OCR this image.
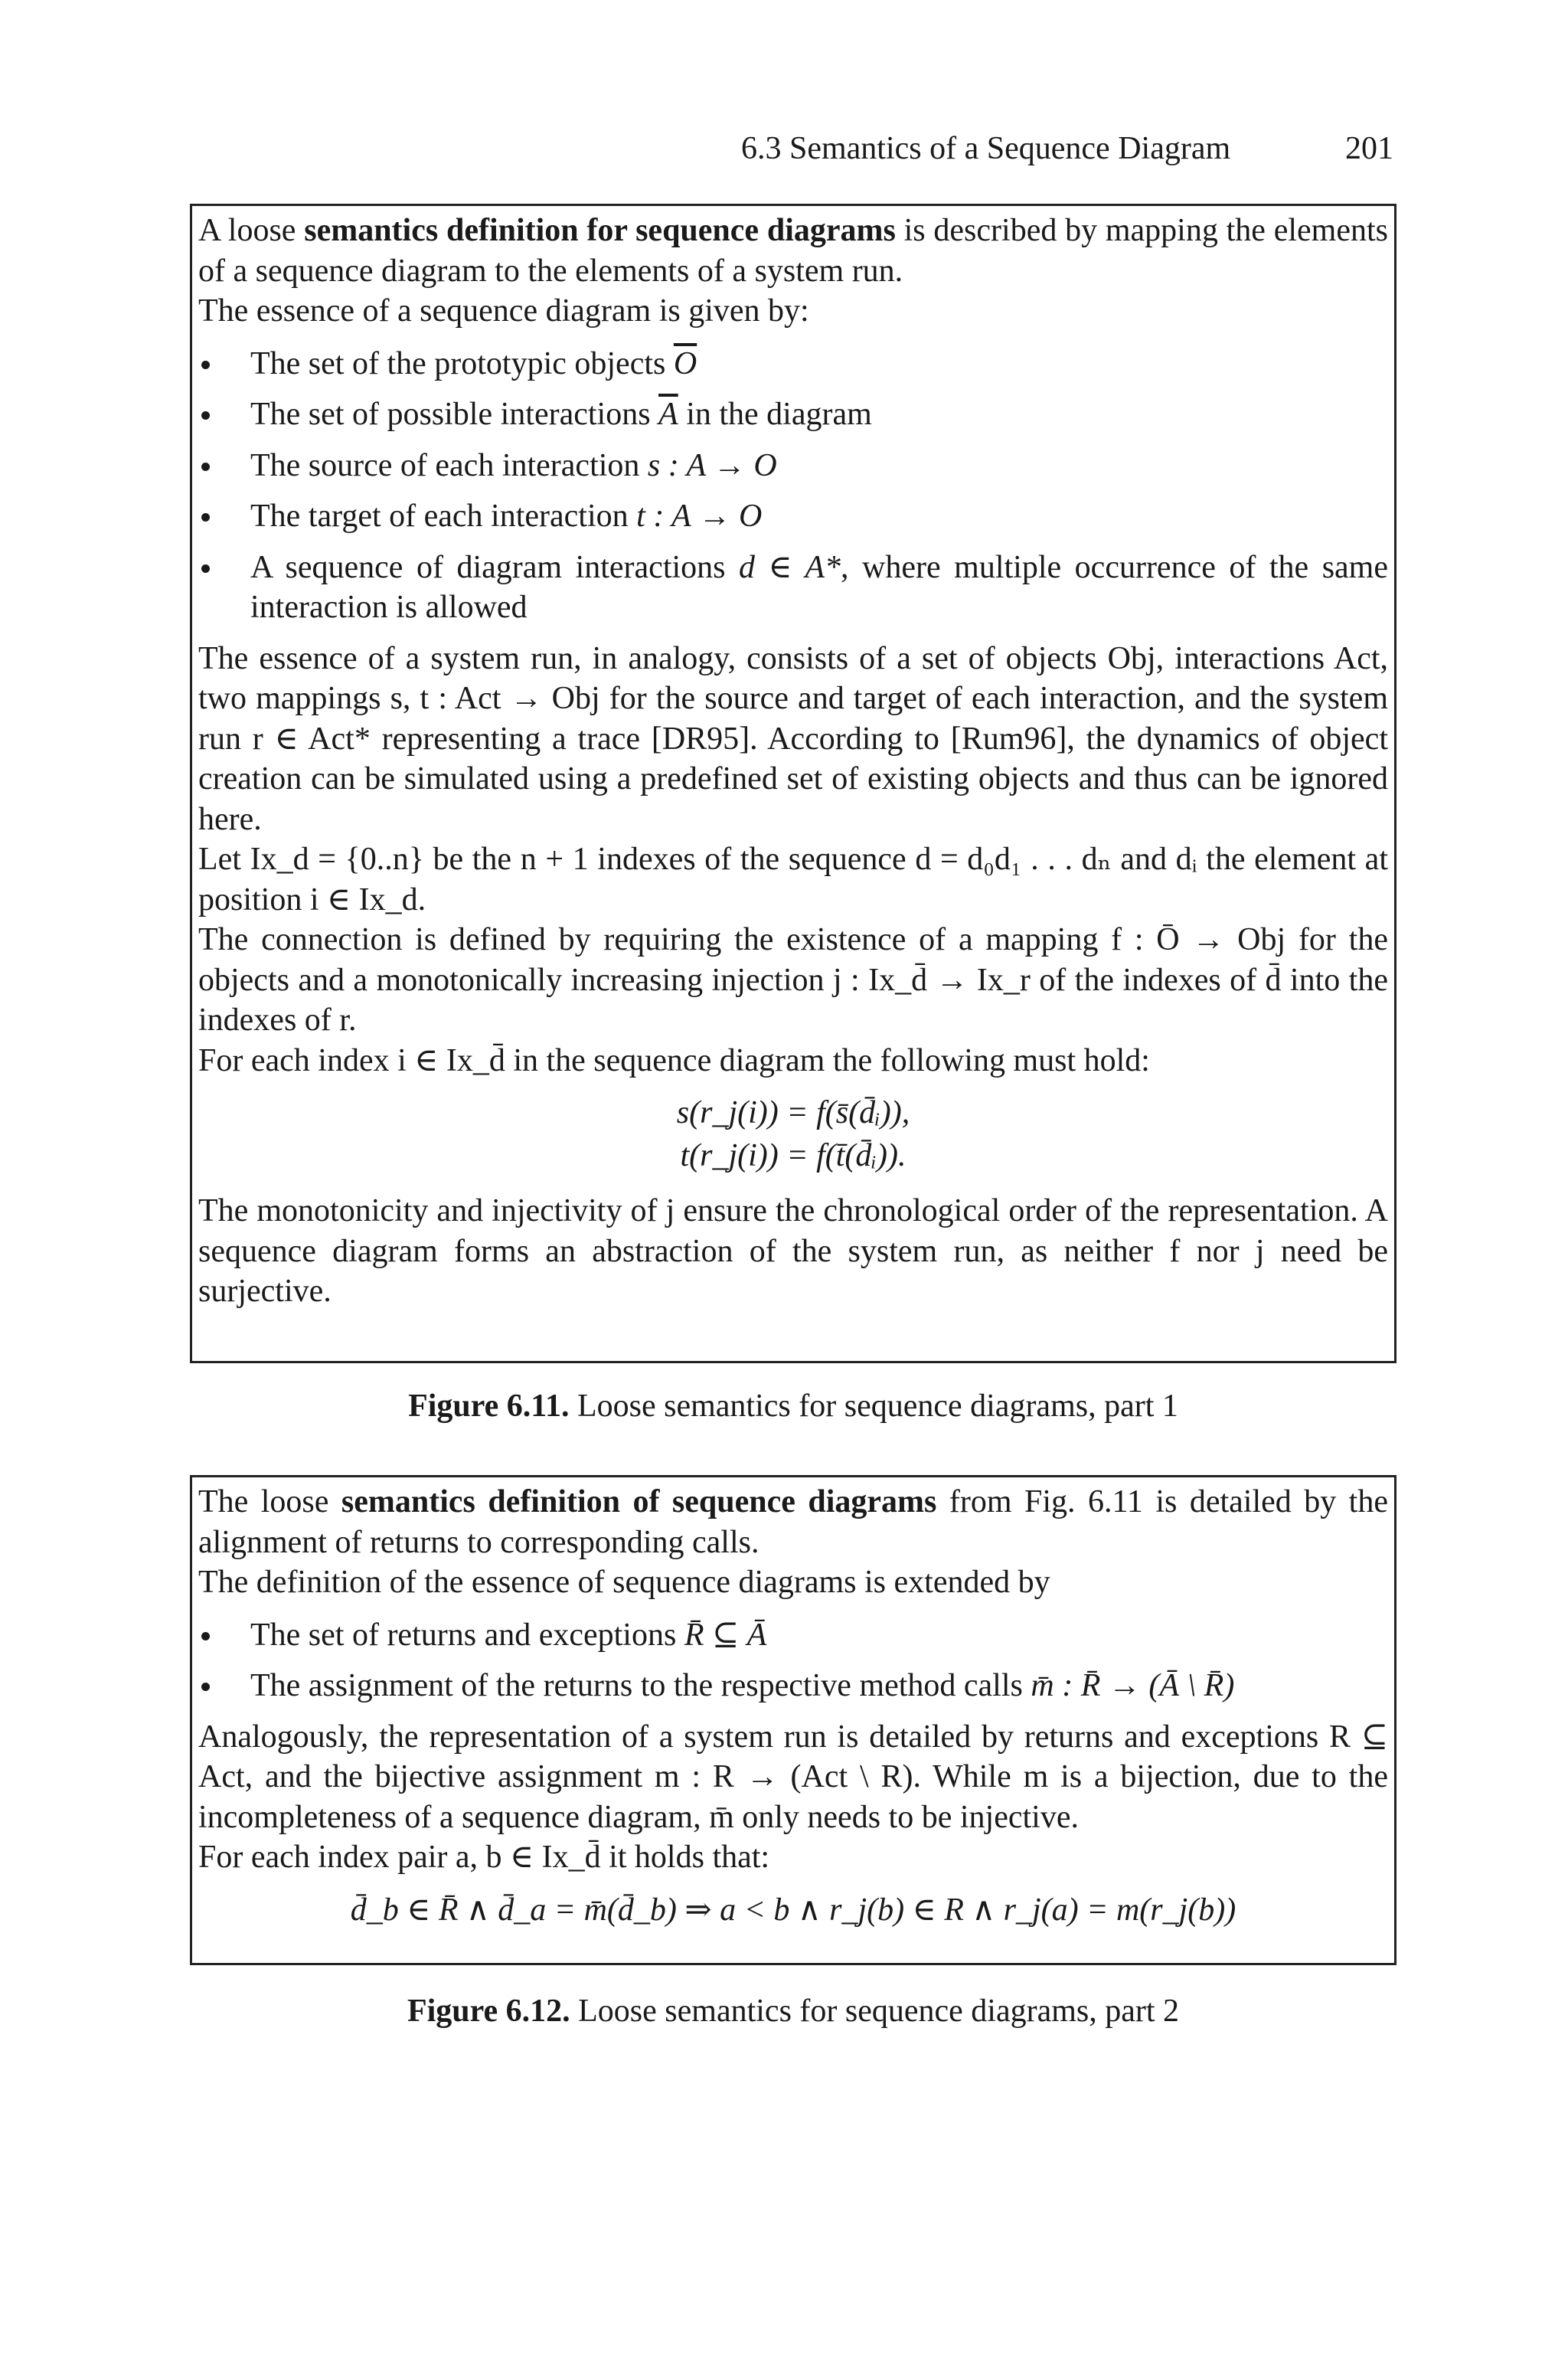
6.3 Semantics of a Sequence Diagram	201

A loose semantics definition for sequence diagrams is described by mapping the elements of a sequence diagram to the elements of a system run.

The essence of a sequence diagram is given by:

The set of the prototypic objects $\overline{O}$
The set of possible interactions $\overline{A}$ in the diagram
The source of each interaction s : A → O
The target of each interaction t : A → O
A sequence of diagram interactions d ∈ A*, where multiple occurrence of the same interaction is allowed

The essence of a system run, in analogy, consists of a set of objects Obj, interactions Act, two mappings s, t : Act → Obj for the source and target of each interaction, and the system run r ∈ Act* representing a trace [DR95]. According to [Rum96], the dynamics of object creation can be simulated using a predefined set of existing objects and thus can be ignored here.

Let Ix_d = {0..n} be the n + 1 indexes of the sequence d = d₀d₁ . . . dₙ and dᵢ the element at position i ∈ Ix_d.

The connection is defined by requiring the existence of a mapping f : Ō → Obj for the objects and a monotonically increasing injection j : Ix_d̄ → Ix_r of the indexes of d̄ into the indexes of r.

For each index i ∈ Ix_d̄ in the sequence diagram the following must hold:

s(r_j(i)) = f(s̄(d̄ᵢ)),
t(r_j(i)) = f(t̄(d̄ᵢ)).

The monotonicity and injectivity of j ensure the chronological order of the representation. A sequence diagram forms an abstraction of the system run, as neither f nor j need be surjective.

Figure 6.11. Loose semantics for sequence diagrams, part 1

The loose semantics definition of sequence diagrams from Fig. 6.11 is detailed by the alignment of returns to corresponding calls.

The definition of the essence of sequence diagrams is extended by

The set of returns and exceptions R̄ ⊆ Ā
The assignment of the returns to the respective method calls m̄ : R̄ → (Ā \ R̄)

Analogously, the representation of a system run is detailed by returns and exceptions R ⊆ Act, and the bijective assignment m : R → (Act \ R). While m is a bijection, due to the incompleteness of a sequence diagram, m̄ only needs to be injective.

For each index pair a, b ∈ Ix_d̄ it holds that:

d̄_b ∈ R̄ ∧ d̄_a = m̄(d̄_b) ⇒ a < b ∧ r_j(b) ∈ R ∧ r_j(a) = m(r_j(b))
Figure 6.12. Loose semantics for sequence diagrams, part 2
